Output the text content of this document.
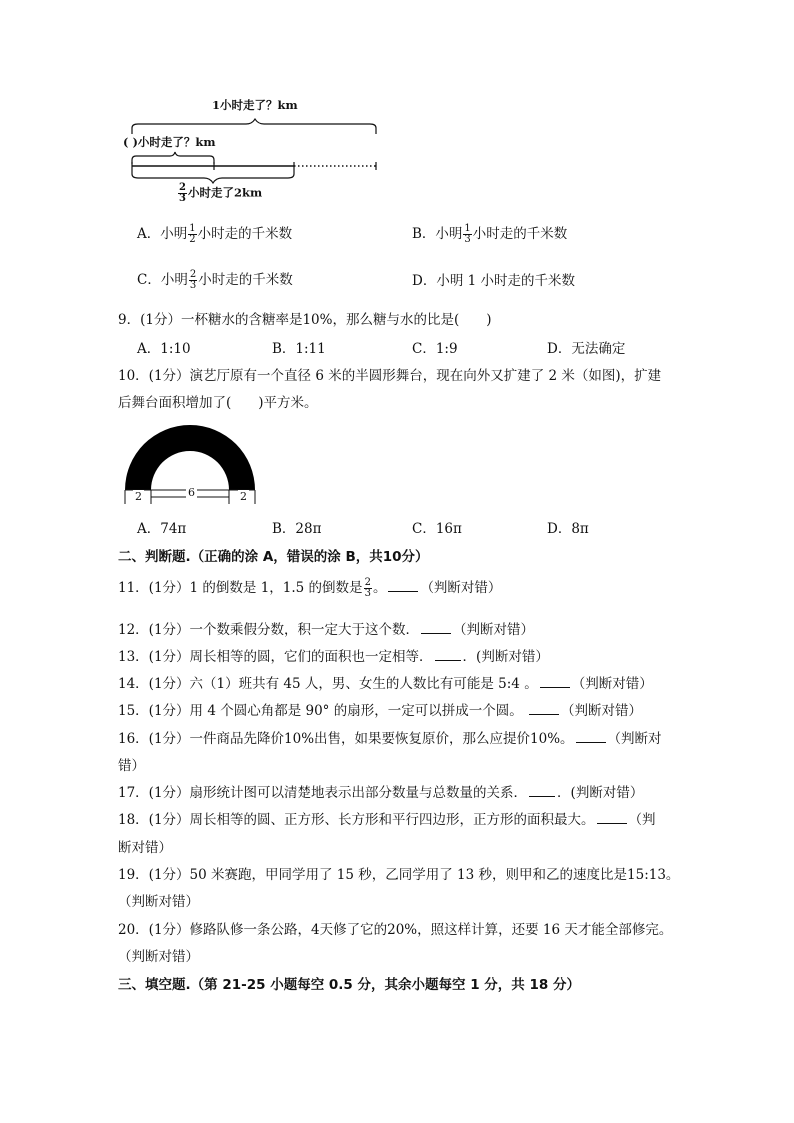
1小时走了？km
( )小时走了？km
$\frac{2}{3}$ 小时走了2km
A．小明 $\frac{1}{2}$ 小时走的千米数	B．小明 $\frac{1}{3}$ 小时走的千米数
C．小明 $\frac{2}{3}$ 小时走的千米数	D．小明 1 小时走的千米数
9．(1分）一杯糖水的含糖率是10%，那么糖与水的比是(　　)
A．1:10	B．1:11	C．1:9	D．无法确定
10．(1分）演艺厅原有一个直径 6 米的半圆形舞台，现在向外又扩建了 2 米（如图)，扩建
后舞台面积增加了(　　)平方米。
2	6	2
A．74π	B．28π	C．16π	D．8π
二、判断题.（正确的涂 A，错误的涂 B，共10分）
11．(1分）1 的倒数是 1，1.5 的倒数是 $\frac{2}{3}$ 。	（判断对错）
12．(1分）一个数乘假分数，积一定大于这个数．	（判断对错）
13．(1分）周长相等的圆，它们的面积也一定相等． ．(判断对错）
14．(1分）六（1）班共有 45 人，男、女生的人数比有可能是 5:4 。	（判断对错）
15．(1分）用 4 个圆心角都是 90° 的扇形，一定可以拼成一个圆。	（判断对错）
16．(1分）一件商品先降价10%出售，如果要恢复原价，那么应提价10%。	（判断对
错）
17．(1分）扇形统计图可以清楚地表示出部分数量与总数量的关系． ．(判断对错）
18．(1分）周长相等的圆、正方形、长方形和平行四边形，正方形的面积最大。	（判
断对错）
19．(1分）50 米赛跑，甲同学用了 15 秒，乙同学用了 13 秒，则甲和乙的速度比是15:13。
（判断对错）
20．(1分）修路队修一条公路，4天修了它的20%，照这样计算，还要 16 天才能全部修完。
（判断对错）
三、填空题.（第 21-25 小题每空 0.5 分，其余小题每空 1 分，共 18 分）
